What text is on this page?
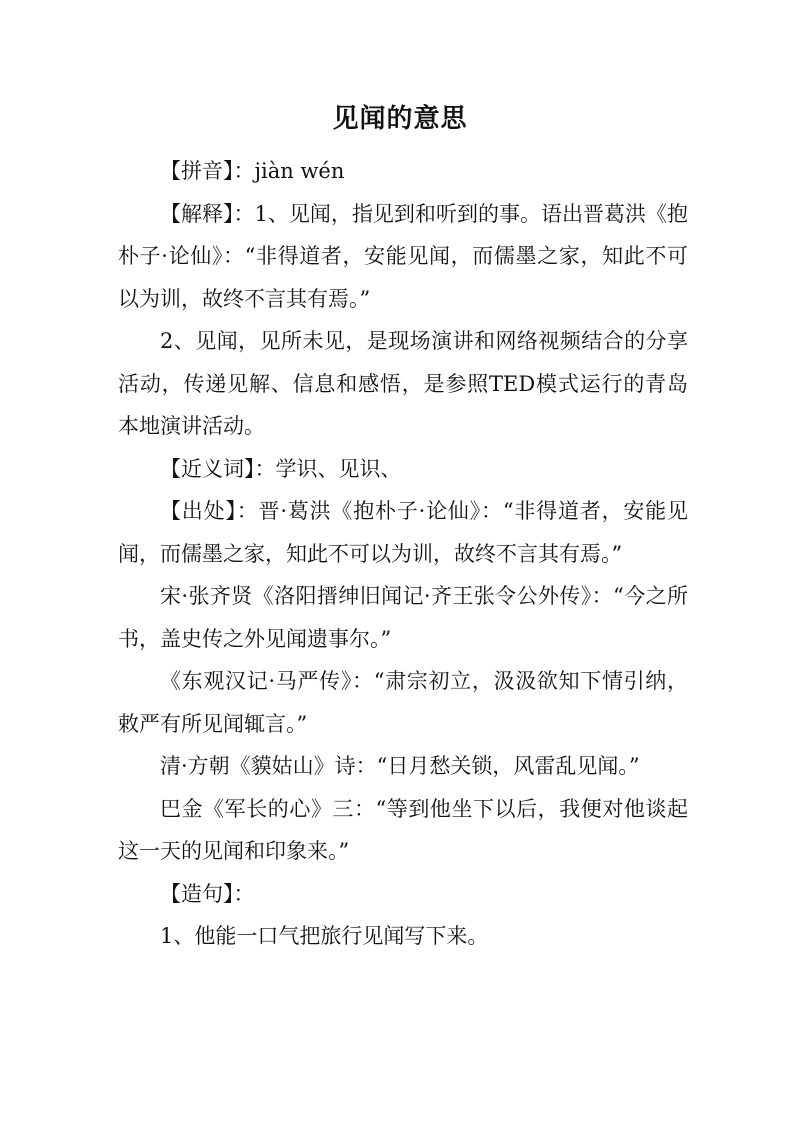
见闻的意思

【拼音】：jiàn wén

【解释】：1、见闻，指见到和听到的事。语出晋葛洪《抱朴子·论仙》：“非得道者，安能见闻，而儒墨之家，知此不可以为训，故终不言其有焉。”

2、见闻，见所未见，是现场演讲和网络视频结合的分享活动，传递见解、信息和感悟，是参照TED模式运行的青岛本地演讲活动。

【近义词】：学识、见识、

【出处】：晋·葛洪《抱朴子·论仙》：“非得道者，安能见闻，而儒墨之家，知此不可以为训，故终不言其有焉。”

宋·张齐贤《洛阳搢绅旧闻记·齐王张令公外传》：“今之所书，盖史传之外见闻遗事尔。”

《东观汉记·马严传》：“肃宗初立，汲汲欲知下情引纳，敕严有所见闻辄言。”

清·方朝《貘姑山》诗：“日月愁关锁，风雷乱见闻。”

巴金《军长的心》三：“等到他坐下以后，我便对他谈起这一天的见闻和印象来。”

【造句】：

1、他能一口气把旅行见闻写下来。
